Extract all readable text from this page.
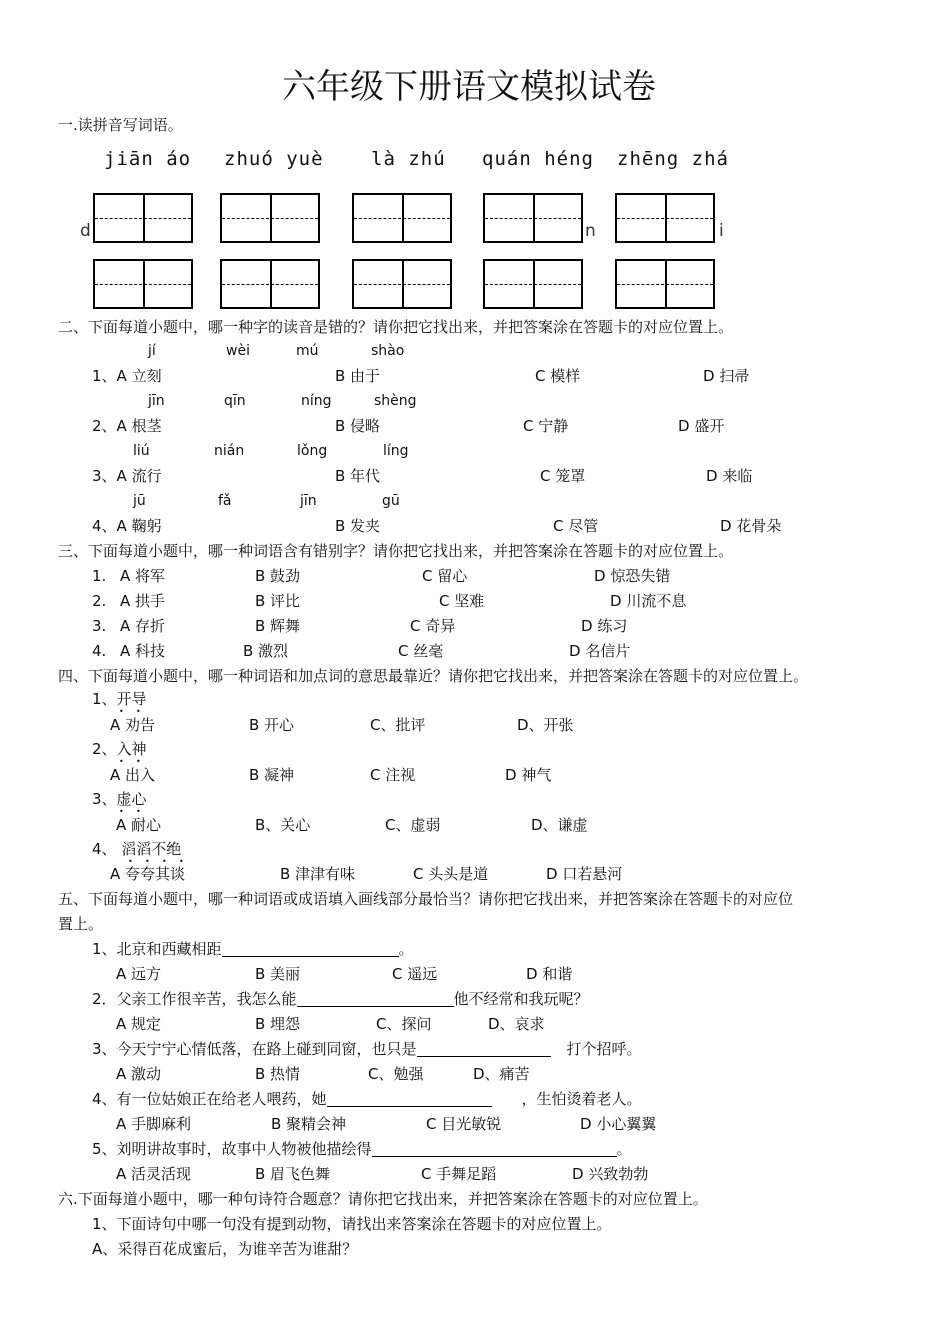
六年级下册语文模拟试卷
一.读拼音写词语。
jiān áo zhuó yuè là zhú quán héng zhēng zhá
d	n	i
二、下面每道小题中，哪一种字的读音是错的？请你把它找出来，并把答案涂在答题卡的对应位置上。
jí	wèi	mú	shào
1、A 立刻	B 由于	C 模样	D 扫帚
jīn	qīn	níng	shèng
2、A 根茎	B 侵略	C 宁静	D 盛开
liú	nián	lǒng	líng
3、A 流行	B 年代	C 笼罩	D 来临
jū	fǎ	jīn	gū
4、A 鞠躬	B 发夹	C 尽管	D 花骨朵
三、下面每道小题中，哪一种词语含有错别字？请你把它找出来，并把答案涂在答题卡的对应位置上。
1. A 将军	B 鼓劲	C 留心	D 惊恐失错
2. A 拱手	B 评比	C 坚难	D 川流不息
3. A 存折	B 辉舞	C 奇异	D 练习
4. A 科技	B 激烈	C 丝毫	D 名信片
四、下面每道小题中，哪一种词语和加点词的意思最靠近？请你把它找出来，并把答案涂在答题卡的对应位置上。
1、开导
• •
A 劝告	B 开心	C、批评	D、开张
2、入神
• •
A 出入	B 凝神	C 注视	D 神气
3、虚心
• •
A 耐心	B、关心	C、虚弱	D、谦虚
4、 滔滔不绝
• • • •
A 夸夸其谈	B 津津有味	C 头头是道	D 口若悬河
五、下面每道小题中，哪一种词语或成语填入画线部分最恰当？请你把它找出来，并把答案涂在答题卡的对应位
置上。
1、北京和西藏相距	。
A 远方	B 美丽	C 遥远	D 和谐
2．父亲工作很辛苦，我怎么能	他不经常和我玩呢？
A 规定	B 埋怨	C、探问	D、哀求
3、今天宁宁心情低落，在路上碰到同窗，也只是	打个招呼。
A 激动	B 热情	C、勉强	D、痛苦
4、有一位姑娘正在给老人喂药，她	，生怕烫着老人。
A 手脚麻利	B 聚精会神	C 目光敏锐	D 小心翼翼
5、刘明讲故事时，故事中人物被他描绘得	。
A 活灵活现	B 眉飞色舞	C 手舞足蹈	D 兴致勃勃
六.下面每道小题中，哪一种句诗符合题意？请你把它找出来，并把答案涂在答题卡的对应位置上。
1、下面诗句中哪一句没有提到动物，请找出来答案涂在答题卡的对应位置上。
A、采得百花成蜜后，为谁辛苦为谁甜？
